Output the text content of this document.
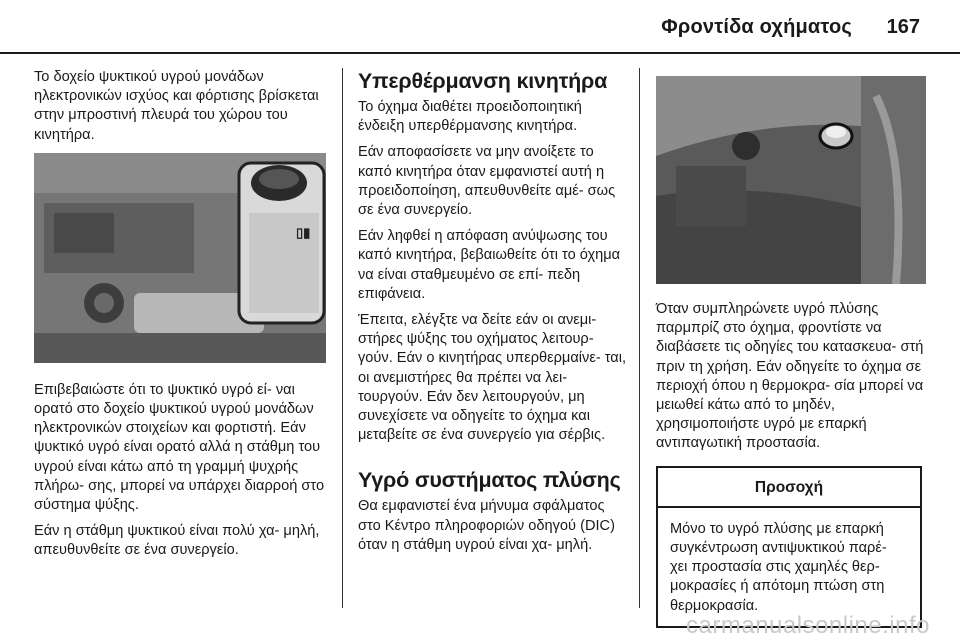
Φροντίδα οχήματος 167

Το δοχείο ψυκτικού υγρού μονάδων ηλεκτρονικών ισχύος και φόρτισης βρίσκεται στην μπροστινή πλευρά του χώρου του κινητήρα.

▯▮

Επιβεβαιώστε ότι το ψυκτικό υγρό εί- ναι ορατό στο δοχείο ψυκτικού υγρού μονάδων ηλεκτρονικών στοιχείων και φορτιστή. Εάν ψυκτικό υγρό είναι ορατό αλλά η στάθμη του υγρού είναι κάτω από τη γραμμή ψυχρής πλήρω- σης, μπορεί να υπάρχει διαρροή στο σύστημα ψύξης.

Εάν η στάθμη ψυκτικού είναι πολύ χα- μηλή, απευθυνθείτε σε ένα συνεργείο.

Υπερθέρμανση κινητήρα

Το όχημα διαθέτει προειδοποιητική ένδειξη υπερθέρμανσης κινητήρα.

Εάν αποφασίσετε να μην ανοίξετε το καπό κινητήρα όταν εμφανιστεί αυτή η προειδοποίηση, απευθυνθείτε αμέ- σως σε ένα συνεργείο.

Εάν ληφθεί η απόφαση ανύψωσης του καπό κινητήρα, βεβαιωθείτε ότι το όχημα να είναι σταθμευμένο σε επί- πεδη επιφάνεια.

Έπειτα, ελέγξτε να δείτε εάν οι ανεμι- στήρες ψύξης του οχήματος λειτουρ- γούν. Εάν ο κινητήρας υπερθερμαίνε- ται, οι ανεμιστήρες θα πρέπει να λει- τουργούν. Εάν δεν λειτουργούν, μη συνεχίσετε να οδηγείτε το όχημα και μεταβείτε σε ένα συνεργείο για σέρβις.

Υγρό συστήματος πλύσης

Θα εμφανιστεί ένα μήνυμα σφάλματος στο Κέντρο πληροφοριών οδηγού (DIC) όταν η στάθμη υγρού είναι χα- μηλή.

Όταν συμπληρώνετε υγρό πλύσης παρμπρίζ στο όχημα, φροντίστε να διαβάσετε τις οδηγίες του κατασκευα- στή πριν τη χρήση. Εάν οδηγείτε το όχημα σε περιοχή όπου η θερμοκρα- σία μπορεί να μειωθεί κάτω από το μηδέν, χρησιμοποιήστε υγρό με επαρκή αντιπαγωτική προστασία.

Προσοχή
Μόνο το υγρό πλύσης με επαρκή συγκέντρωση αντιψυκτικού παρέ- χει προστασία στις χαμηλές θερ- μοκρασίες ή απότομη πτώση στη θερμοκρασία.
carmanualsonline.info
